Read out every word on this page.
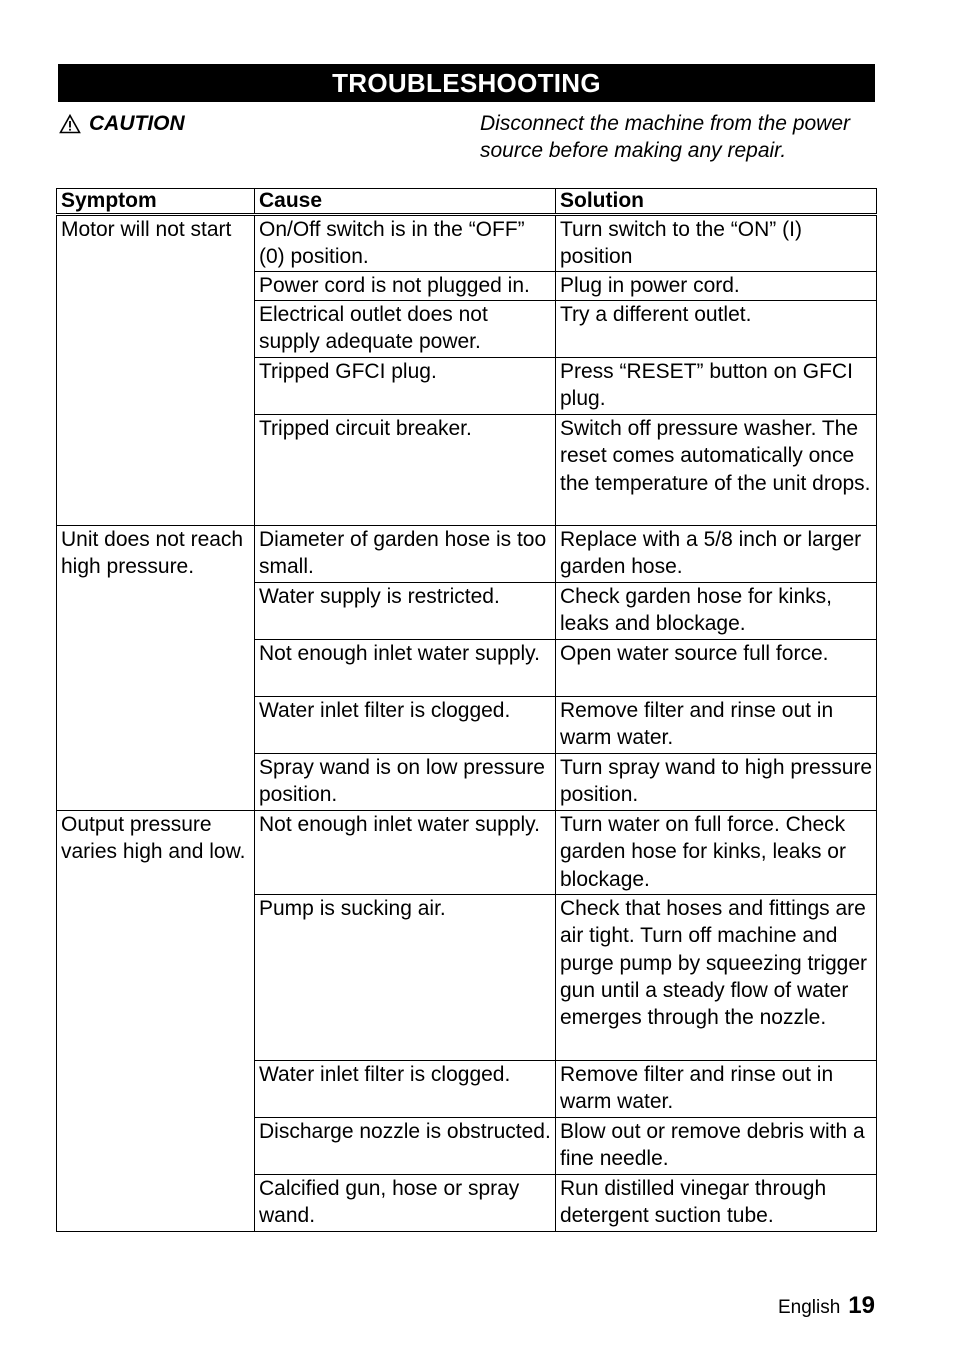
TROUBLESHOOTING
CAUTION	Disconnect the machine from the power source before making any repair.
Symptom	Cause	Solution
Motor will not start	On/Off switch is in the “OFF” (0) position.	Turn switch to the “ON” (I) position
	Power cord is not plugged in.	Plug in power cord.
	Electrical outlet does not supply adequate power.	Try a different outlet.
	Tripped GFCI plug.	Press “RESET” button on GFCI plug.
	Tripped circuit breaker.	Switch off pressure washer. The reset comes automatically once the temperature of the unit drops.
Unit does not reach high pressure.	Diameter of garden hose is too small.	Replace with a 5/8 inch or larger garden hose.
	Water supply is restricted.	Check garden hose for kinks, leaks and blockage.
	Not enough inlet water supply.	Open water source full force.
	Water inlet filter is clogged.	Remove filter and rinse out in warm water.
	Spray wand is on low pressure position.	Turn spray wand to high pressure position.
Output pressure varies high and low.	Not enough inlet water supply.	Turn water on full force. Check garden hose for kinks, leaks or blockage.
	Pump is sucking air.	Check that hoses and fittings are air tight. Turn off machine and purge pump by squeezing trigger gun until a steady flow of water emerges through the nozzle.
	Water inlet filter is clogged.	Remove filter and rinse out in warm water.
	Discharge nozzle is obstructed.	Blow out or remove debris with a fine needle.
	Calcified gun, hose or spray wand.	Run distilled vinegar through detergent suction tube.
English 19
